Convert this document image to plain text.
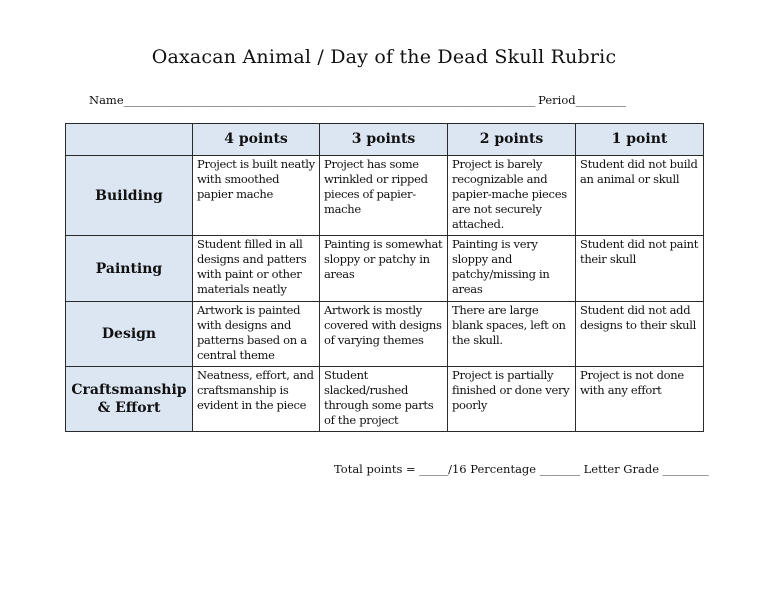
Oaxacan Animal / Day of the Dead Skull Rubric
Name___________________________________________________________________________________ Period__________
	4 points	3 points	2 points	1 point
Building	Project is built neatly with smoothed papier mache	Project has some wrinkled or ripped pieces of papier-mache	Project is barely recognizable and papier-mache pieces are not securely attached.	Student did not build an animal or skull
Painting	Student filled in all designs and patters with paint or other materials neatly	Painting is somewhat sloppy or patchy in areas	Painting is very sloppy and patchy/missing in areas	Student did not paint their skull
Design	Artwork is painted with designs and patterns based on a central theme	Artwork is mostly covered with designs of varying themes	There are large blank spaces, left on the skull.	Student did not add designs to their skull
Craftsmanship & Effort	Neatness, effort, and craftsmanship is evident in the piece	Student slacked/rushed through some parts of the project	Project is partially finished or done very poorly	Project is not done with any effort
Total points = _____/16 Percentage _______ Letter Grade ________
